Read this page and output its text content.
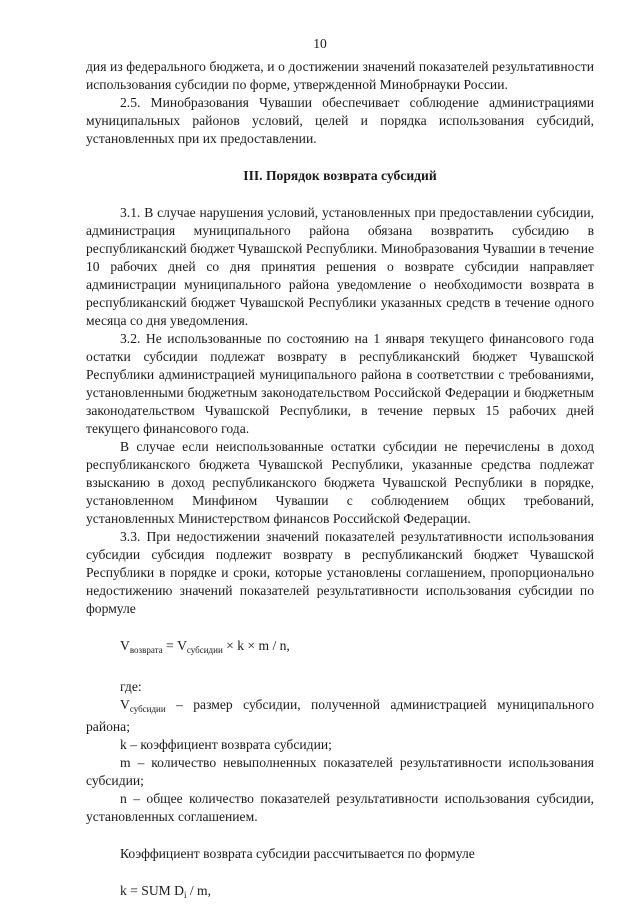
10

дия из федерального бюджета, и о достижении значений показателей результативности использования субсидии по форме, утвержденной Минобрнауки России.

2.5. Минобразования Чувашии обеспечивает соблюдение администрациями муниципальных районов условий, целей и порядка использования субсидий, установленных при их предоставлении.

III. Порядок возврата субсидий

3.1. В случае нарушения условий, установленных при предоставлении субсидии, администрация муниципального района обязана возвратить субсидию в республиканский бюджет Чувашской Республики. Минобразования Чувашии в течение 10 рабочих дней со дня принятия решения о возврате субсидии направляет администрации муниципального района уведомление о необходимости возврата в республиканский бюджет Чувашской Республики указанных средств в течение одного месяца со дня уведомления.

3.2. Не использованные по состоянию на 1 января текущего финансового года остатки субсидии подлежат возврату в республиканский бюджет Чувашской Республики администрацией муниципального района в соответствии с требованиями, установленными бюджетным законодательством Российской Федерации и бюджетным законодательством Чувашской Республики, в течение первых 15 рабочих дней текущего финансового года.

В случае если неиспользованные остатки субсидии не перечислены в доход республиканского бюджета Чувашской Республики, указанные средства подлежат взысканию в доход республиканского бюджета Чувашской Республики в порядке, установленном Минфином Чувашии с соблюдением общих требований, установленных Министерством финансов Российской Федерации.

3.3. При недостижении значений показателей результативности использования субсидии субсидия подлежит возврату в республиканский бюджет Чувашской Республики в порядке и сроки, которые установлены соглашением, пропорционально недостижению значений показателей результативности использования субсидии по формуле

$V_{возврата} = V_{субсидии} \times k \times m / n$,

где:

$V_{субсидии}$ – размер субсидии, полученной администрацией муниципального района;

k – коэффициент возврата субсидии;

m – количество невыполненных показателей результативности использования субсидии;

n – общее количество показателей результативности использования субсидии, установленных соглашением.

Коэффициент возврата субсидии рассчитывается по формуле

k = SUM $D_i$ / m,
